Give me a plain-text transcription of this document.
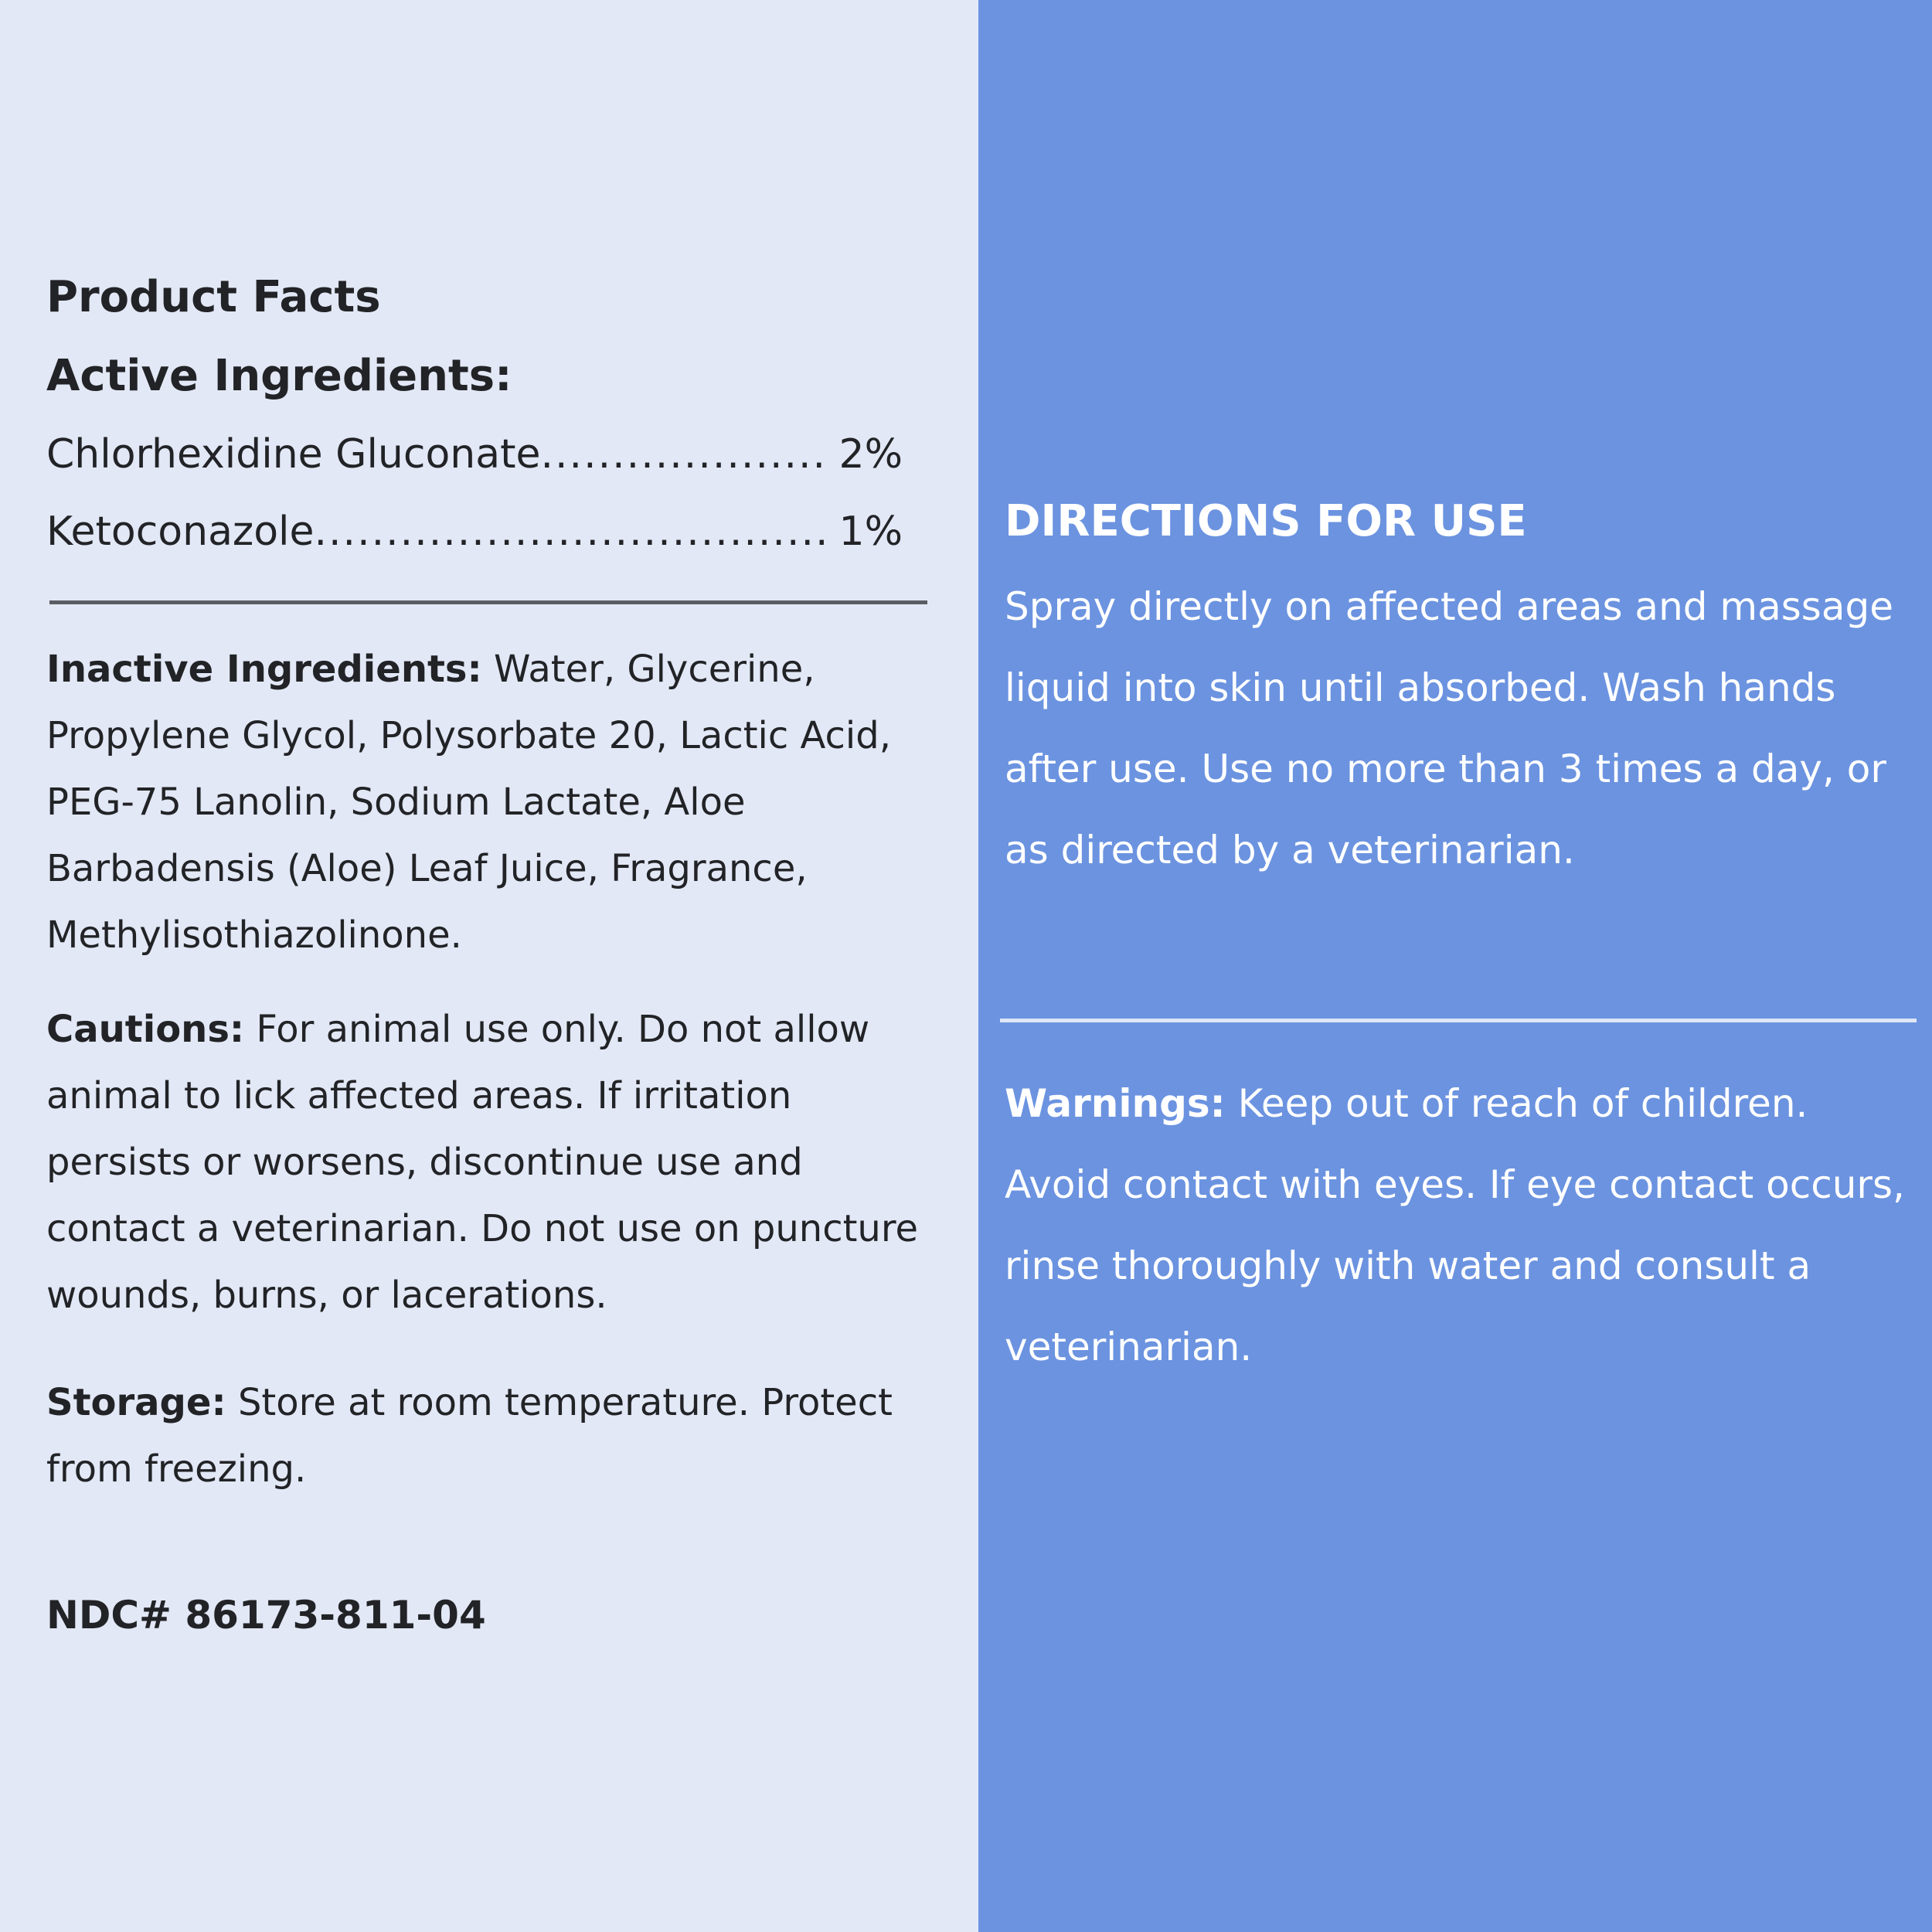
Product Facts
Active Ingredients:
Chlorhexidine Gluconate .....	2%
Ketoconazole .....	1%

Inactive Ingredients: Water, Glycerine, Propylene Glycol, Polysorbate 20, Lactic Acid, PEG-75 Lanolin, Sodium Lactate, Aloe Barbadensis (Aloe) Leaf Juice, Fragrance, Methylisothiazolinone.

Cautions: For animal use only. Do not allow animal to lick affected areas. If irritation persists or worsens, discontinue use and contact a veterinarian. Do not use on puncture wounds, burns, or lacerations.

Storage: Store at room temperature. Protect from freezing.

NDC# 86173-811-04
DIRECTIONS FOR USE

Spray directly on affected areas and massage liquid into skin until absorbed. Wash hands after use. Use no more than 3 times a day, or as directed by a veterinarian.

Warnings: Keep out of reach of children. Avoid contact with eyes. If eye contact occurs, rinse thoroughly with water and consult a veterinarian.
